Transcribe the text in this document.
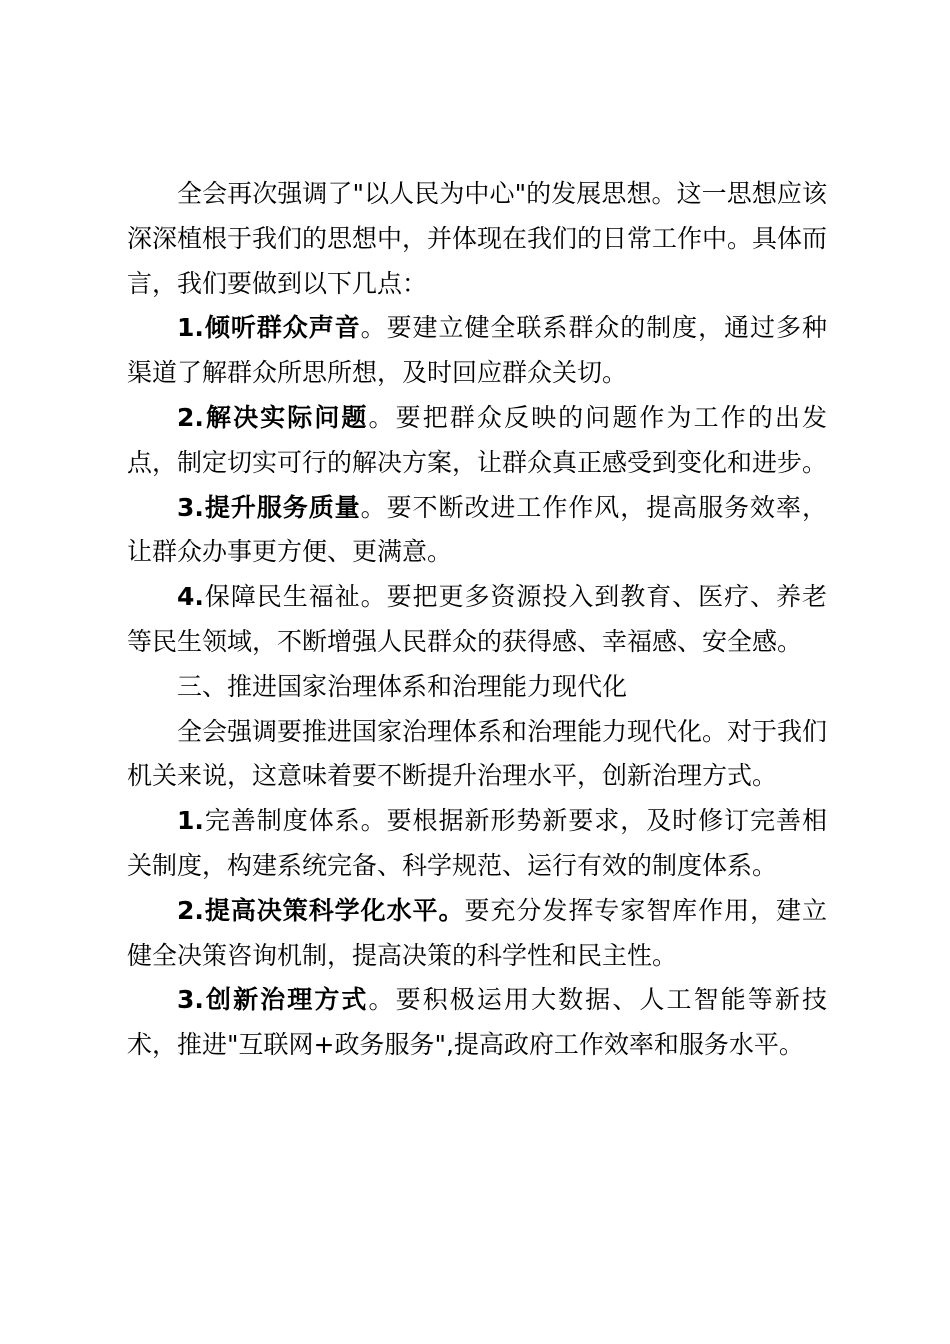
全会再次强调了"以人民为中心"的发展思想。这一思想应该深深植根于我们的思想中，并体现在我们的日常工作中。具体而言，我们要做到以下几点：

1.倾听群众声音。要建立健全联系群众的制度，通过多种渠道了解群众所思所想，及时回应群众关切。

2.解决实际问题。要把群众反映的问题作为工作的出发点，制定切实可行的解决方案，让群众真正感受到变化和进步。

3.提升服务质量。要不断改进工作作风，提高服务效率，让群众办事更方便、更满意。

4.保障民生福祉。要把更多资源投入到教育、医疗、养老等民生领域，不断增强人民群众的获得感、幸福感、安全感。

三、推进国家治理体系和治理能力现代化

全会强调要推进国家治理体系和治理能力现代化。对于我们机关来说，这意味着要不断提升治理水平，创新治理方式。

1.完善制度体系。要根据新形势新要求，及时修订完善相关制度，构建系统完备、科学规范、运行有效的制度体系。

2.提高决策科学化水平。要充分发挥专家智库作用，建立健全决策咨询机制，提高决策的科学性和民主性。

3.创新治理方式。要积极运用大数据、人工智能等新技术，推进"互联网+政务服务",提高政府工作效率和服务水平。
